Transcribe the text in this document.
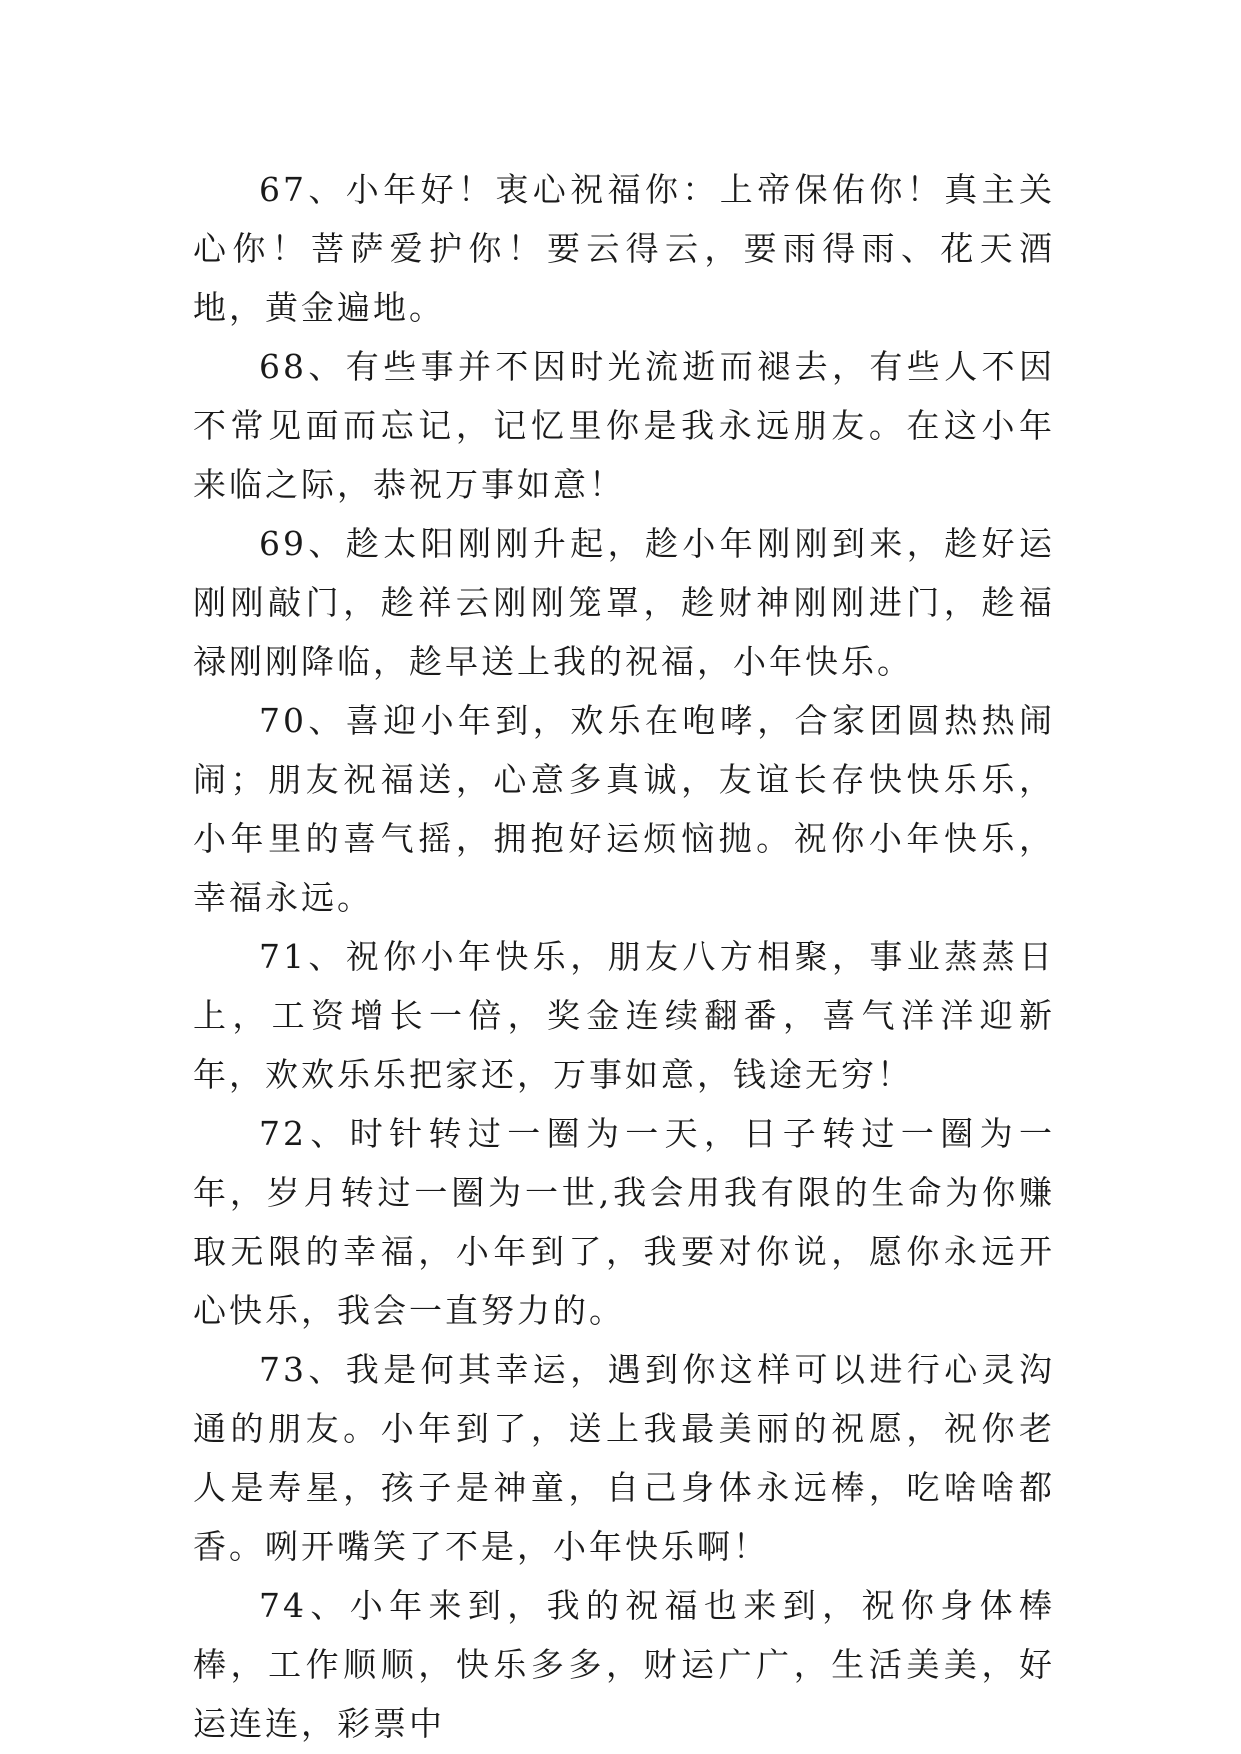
67、小年好！衷心祝福你：上帝保佑你！真主关心你！菩萨爱护你！要云得云，要雨得雨、花天酒地，黄金遍地。

68、有些事并不因时光流逝而褪去，有些人不因不常见面而忘记，记忆里你是我永远朋友。在这小年来临之际，恭祝万事如意！

69、趁太阳刚刚升起，趁小年刚刚到来，趁好运刚刚敲门，趁祥云刚刚笼罩，趁财神刚刚进门，趁福禄刚刚降临，趁早送上我的祝福，小年快乐。

70、喜迎小年到，欢乐在咆哮，合家团圆热热闹闹；朋友祝福送，心意多真诚，友谊长存快快乐乐，小年里的喜气摇，拥抱好运烦恼抛。祝你小年快乐，幸福永远。

71、祝你小年快乐，朋友八方相聚，事业蒸蒸日上，工资增长一倍，奖金连续翻番，喜气洋洋迎新年，欢欢乐乐把家还，万事如意，钱途无穷！

72、时针转过一圈为一天，日子转过一圈为一年，岁月转过一圈为一世,我会用我有限的生命为你赚取无限的幸福，小年到了，我要对你说，愿你永远开心快乐，我会一直努力的。

73、我是何其幸运，遇到你这样可以进行心灵沟通的朋友。小年到了，送上我最美丽的祝愿，祝你老人是寿星，孩子是神童，自己身体永远棒，吃啥啥都香。咧开嘴笑了不是，小年快乐啊！

74、小年来到，我的祝福也来到，祝你身体棒棒，工作顺顺，快乐多多，财运广广，生活美美，好运连连，彩票中
